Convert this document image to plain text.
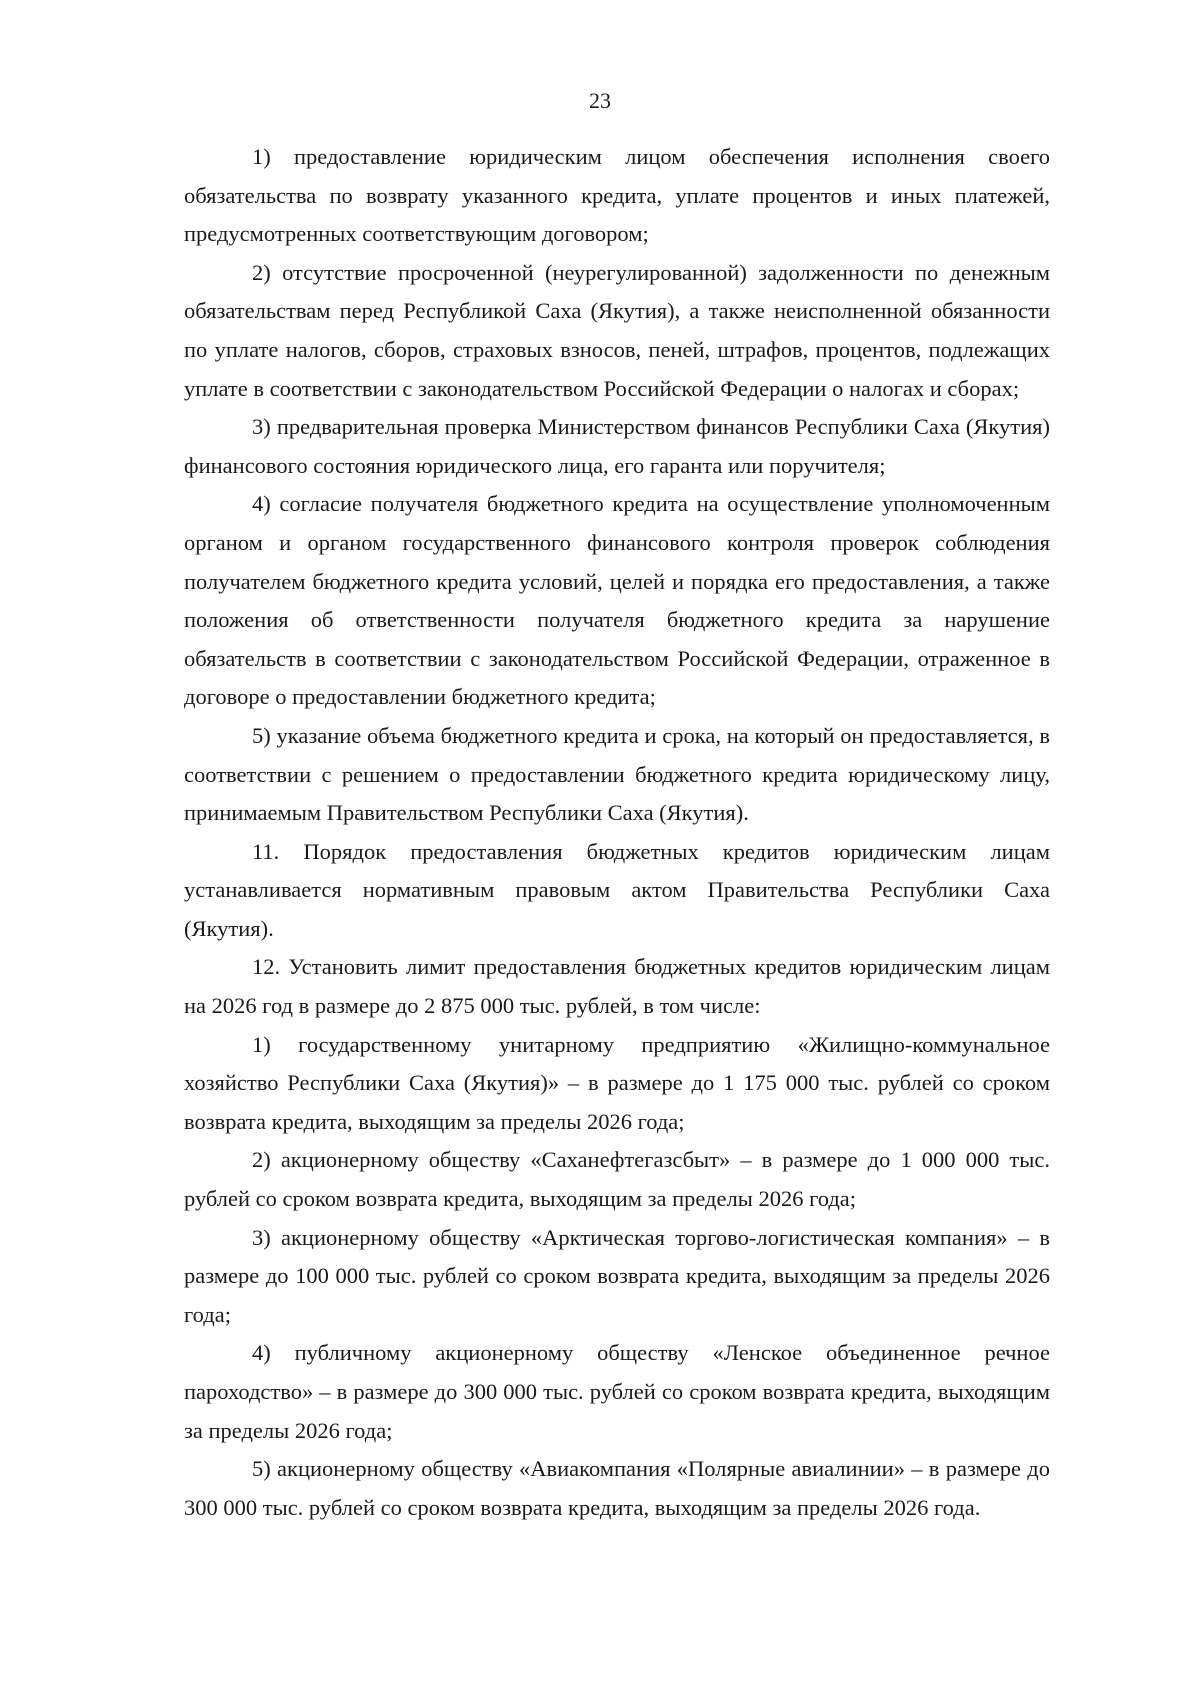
23

1) предоставление юридическим лицом обеспечения исполнения своего обязательства по возврату указанного кредита, уплате процентов и иных платежей, предусмотренных соответствующим договором;

2) отсутствие просроченной (неурегулированной) задолженности по денежным обязательствам перед Республикой Саха (Якутия), а также неисполненной обязанности по уплате налогов, сборов, страховых взносов, пеней, штрафов, процентов, подлежащих уплате в соответствии с законодательством Российской Федерации о налогах и сборах;

3) предварительная проверка Министерством финансов Республики Саха (Якутия) финансового состояния юридического лица, его гаранта или поручителя;

4) согласие получателя бюджетного кредита на осуществление уполномоченным органом и органом государственного финансового контроля проверок соблюдения получателем бюджетного кредита условий, целей и порядка его предоставления, а также положения об ответственности получателя бюджетного кредита за нарушение обязательств в соответствии с законодательством Российской Федерации, отраженное в договоре о предоставлении бюджетного кредита;

5) указание объема бюджетного кредита и срока, на который он предоставляется, в соответствии с решением о предоставлении бюджетного кредита юридическому лицу, принимаемым Правительством Республики Саха (Якутия).

11. Порядок предоставления бюджетных кредитов юридическим лицам устанавливается нормативным правовым актом Правительства Республики Саха (Якутия).

12. Установить лимит предоставления бюджетных кредитов юридическим лицам на 2026 год в размере до 2 875 000 тыс. рублей, в том числе:

1) государственному унитарному предприятию «Жилищно-коммунальное хозяйство Республики Саха (Якутия)» – в размере до 1 175 000 тыс. рублей со сроком возврата кредита, выходящим за пределы 2026 года;

2) акционерному обществу «Саханефтегазсбыт» – в размере до 1 000 000 тыс. рублей со сроком возврата кредита, выходящим за пределы 2026 года;

3) акционерному обществу «Арктическая торгово-логистическая компания» – в размере до 100 000 тыс. рублей со сроком возврата кредита, выходящим за пределы 2026 года;

4) публичному акционерному обществу «Ленское объединенное речное пароходство» – в размере до 300 000 тыс. рублей со сроком возврата кредита, выходящим за пределы 2026 года;

5) акционерному обществу «Авиакомпания «Полярные авиалинии» – в размере до 300 000 тыс. рублей со сроком возврата кредита, выходящим за пределы 2026 года.
